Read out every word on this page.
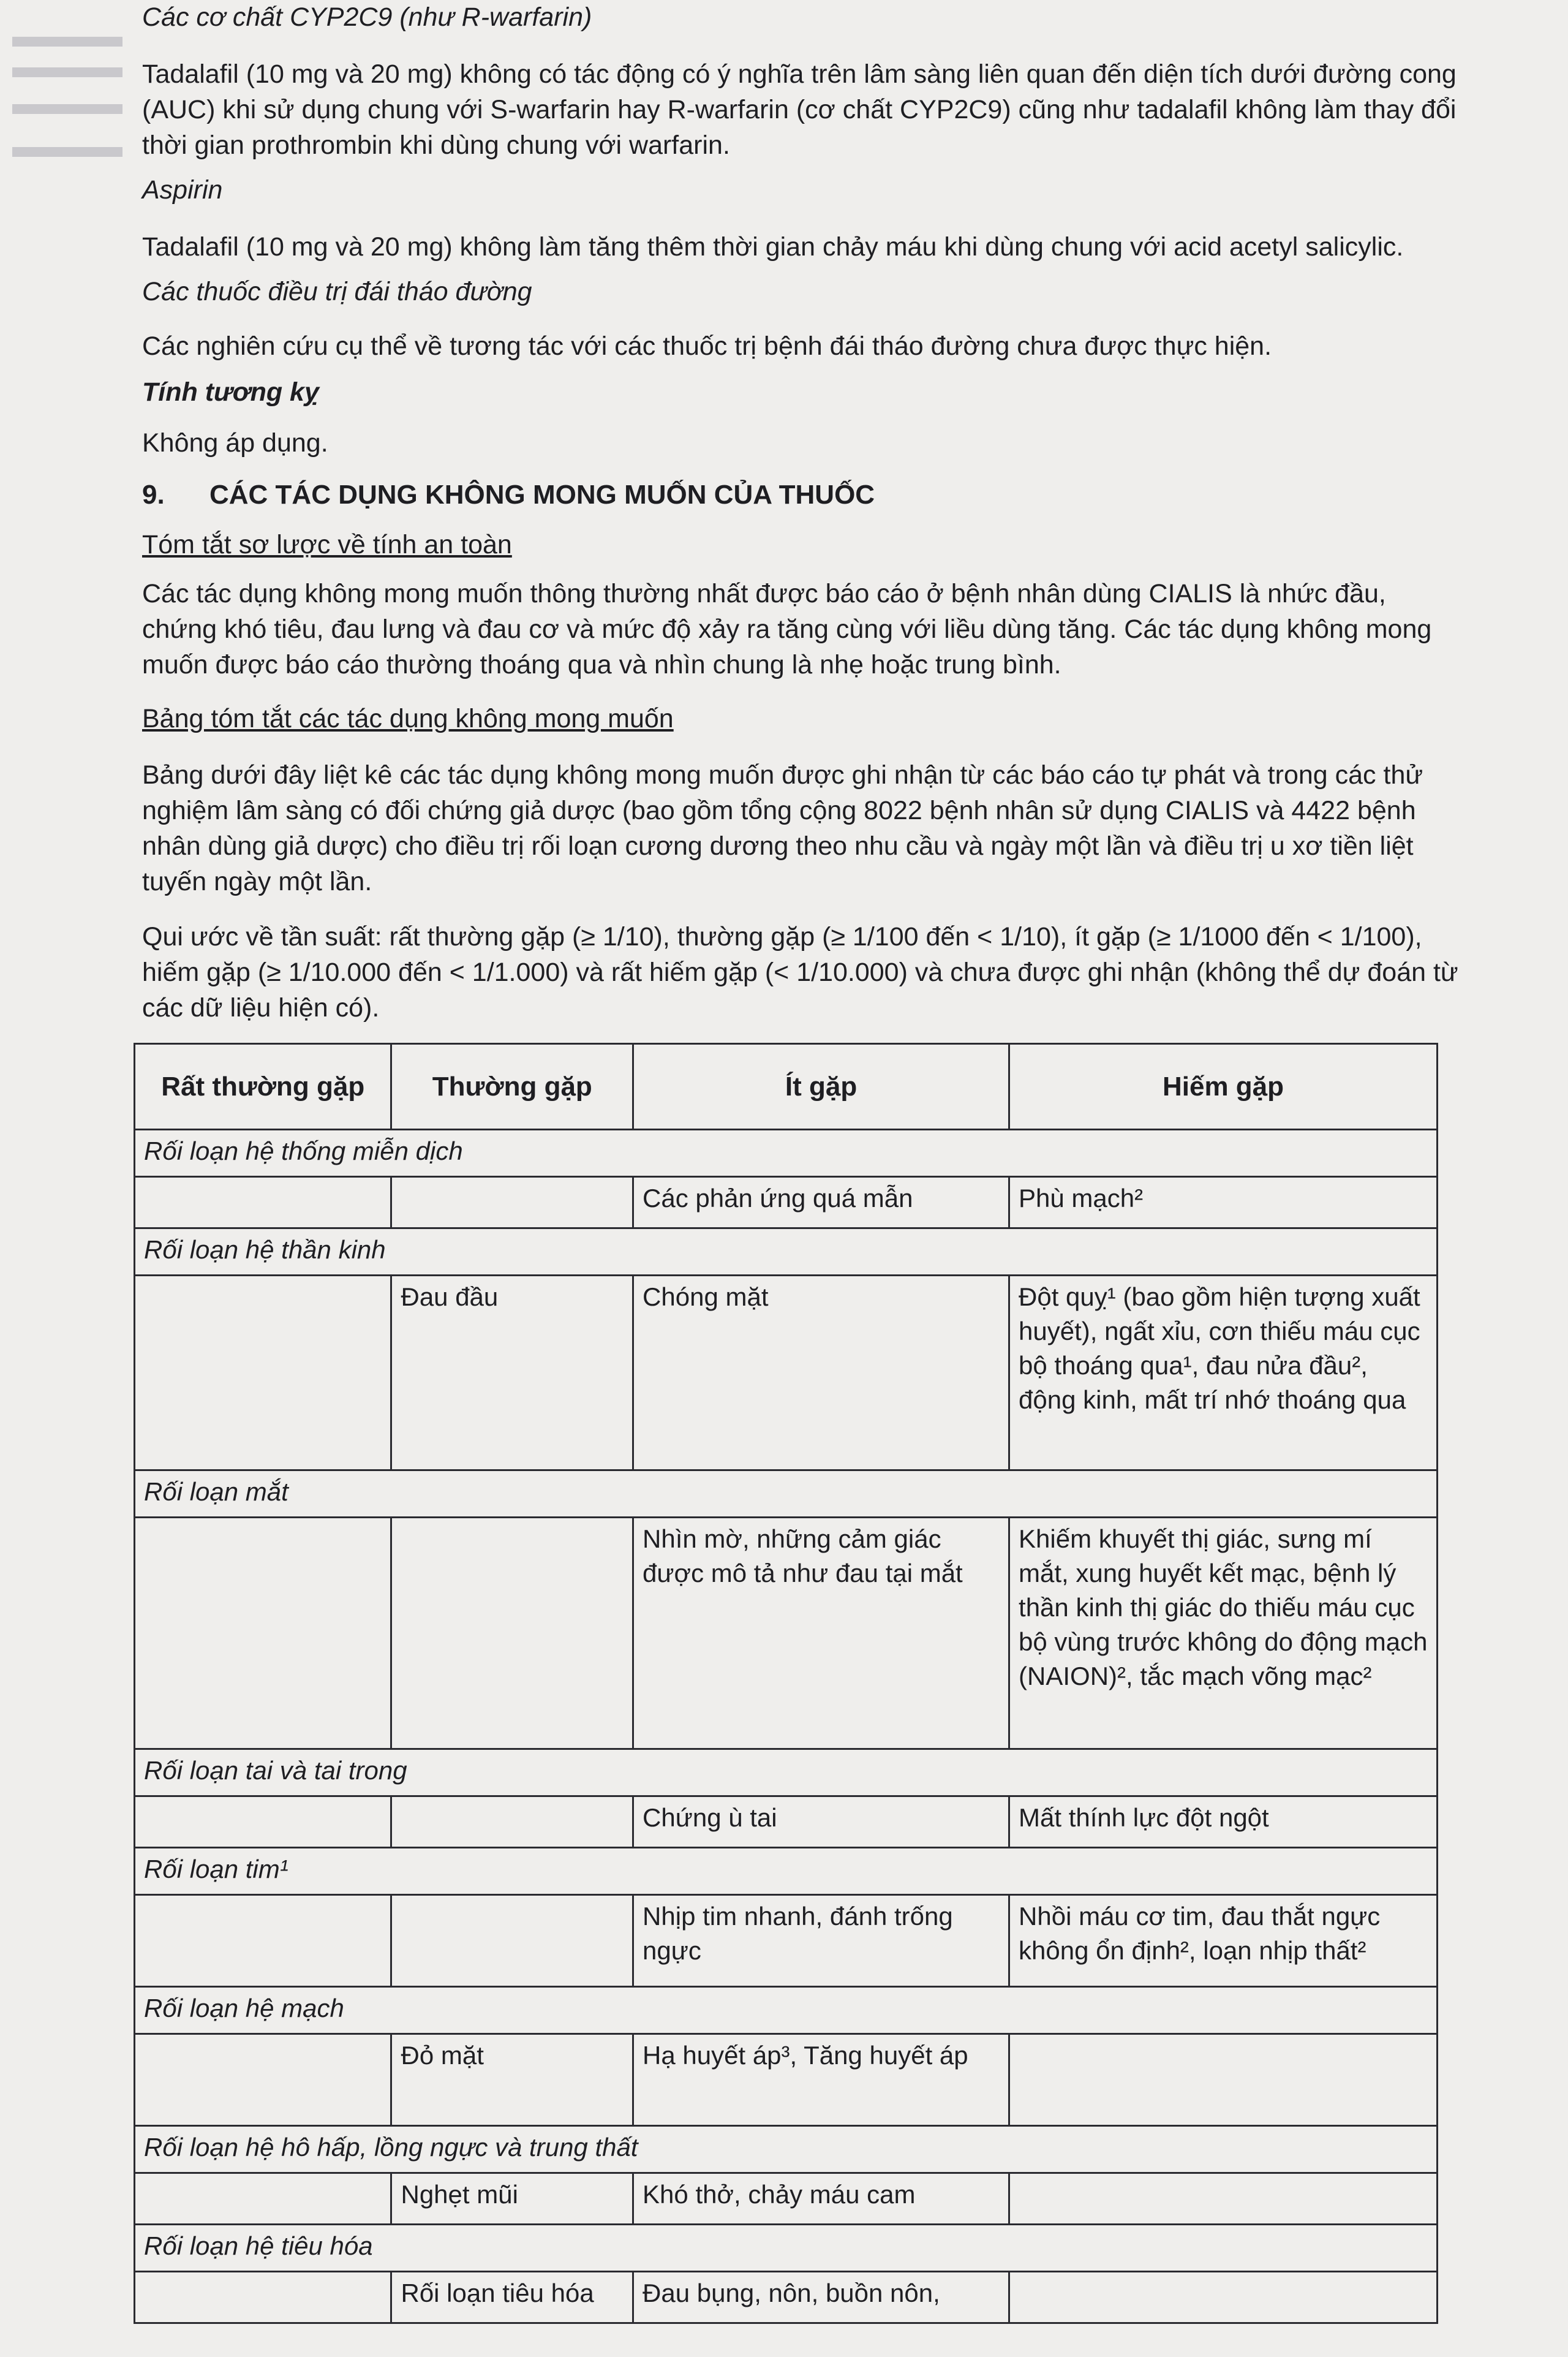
Các cơ chất CYP2C9 (như R-warfarin)

Tadalafil (10 mg và 20 mg) không có tác động có ý nghĩa trên lâm sàng liên quan đến diện tích dưới đường cong (AUC) khi sử dụng chung với S-warfarin hay R-warfarin (cơ chất CYP2C9) cũng như tadalafil không làm thay đổi thời gian prothrombin khi dùng chung với warfarin.

Aspirin

Tadalafil (10 mg và 20 mg) không làm tăng thêm thời gian chảy máu khi dùng chung với acid acetyl salicylic.

Các thuốc điều trị đái tháo đường

Các nghiên cứu cụ thể về tương tác với các thuốc trị bệnh đái tháo đường chưa được thực hiện.

Tính tương kỵ

Không áp dụng.

9. CÁC TÁC DỤNG KHÔNG MONG MUỐN CỦA THUỐC

Tóm tắt sơ lược về tính an toàn

Các tác dụng không mong muốn thông thường nhất được báo cáo ở bệnh nhân dùng CIALIS là nhức đầu, chứng khó tiêu, đau lưng và đau cơ và mức độ xảy ra tăng cùng với liều dùng tăng. Các tác dụng không mong muốn được báo cáo thường thoáng qua và nhìn chung là nhẹ hoặc trung bình.

Bảng tóm tắt các tác dụng không mong muốn

Bảng dưới đây liệt kê các tác dụng không mong muốn được ghi nhận từ các báo cáo tự phát và trong các thử nghiệm lâm sàng có đối chứng giả dược (bao gồm tổng cộng 8022 bệnh nhân sử dụng CIALIS và 4422 bệnh nhân dùng giả dược) cho điều trị rối loạn cương dương theo nhu cầu và ngày một lần và điều trị u xơ tiền liệt tuyến ngày một lần.

Qui ước về tần suất: rất thường gặp (≥ 1/10), thường gặp (≥ 1/100 đến < 1/10), ít gặp (≥ 1/1000 đến < 1/100), hiếm gặp (≥ 1/10.000 đến < 1/1.000) và rất hiếm gặp (< 1/10.000) và chưa được ghi nhận (không thể dự đoán từ các dữ liệu hiện có).

Rất thường gặp	Thường gặp	Ít gặp	Hiếm gặp
Rối loạn hệ thống miễn dịch			
		Các phản ứng quá mẫn	Phù mạch²
Rối loạn hệ thần kinh			
	Đau đầu	Chóng mặt	Đột quỵ¹ (bao gồm hiện tượng xuất huyết), ngất xỉu, cơn thiếu máu cục bộ thoáng qua¹, đau nửa đầu², động kinh, mất trí nhớ thoáng qua
Rối loạn mắt			
		Nhìn mờ, những cảm giác được mô tả như đau tại mắt	Khiếm khuyết thị giác, sưng mí mắt, xung huyết kết mạc, bệnh lý thần kinh thị giác do thiếu máu cục bộ vùng trước không do động mạch (NAION)², tắc mạch võng mạc²
Rối loạn tai và tai trong			
		Chứng ù tai	Mất thính lực đột ngột
Rối loạn tim¹			
		Nhịp tim nhanh, đánh trống ngực	Nhồi máu cơ tim, đau thắt ngực không ổn định², loạn nhịp thất²
Rối loạn hệ mạch			
	Đỏ mặt	Hạ huyết áp³, Tăng huyết áp	
Rối loạn hệ hô hấp, lồng ngực và trung thất			
	Nghẹt mũi	Khó thở, chảy máu cam	
Rối loạn hệ tiêu hóa			
	Rối loạn tiêu hóa	Đau bụng, nôn, buồn nôn,	
